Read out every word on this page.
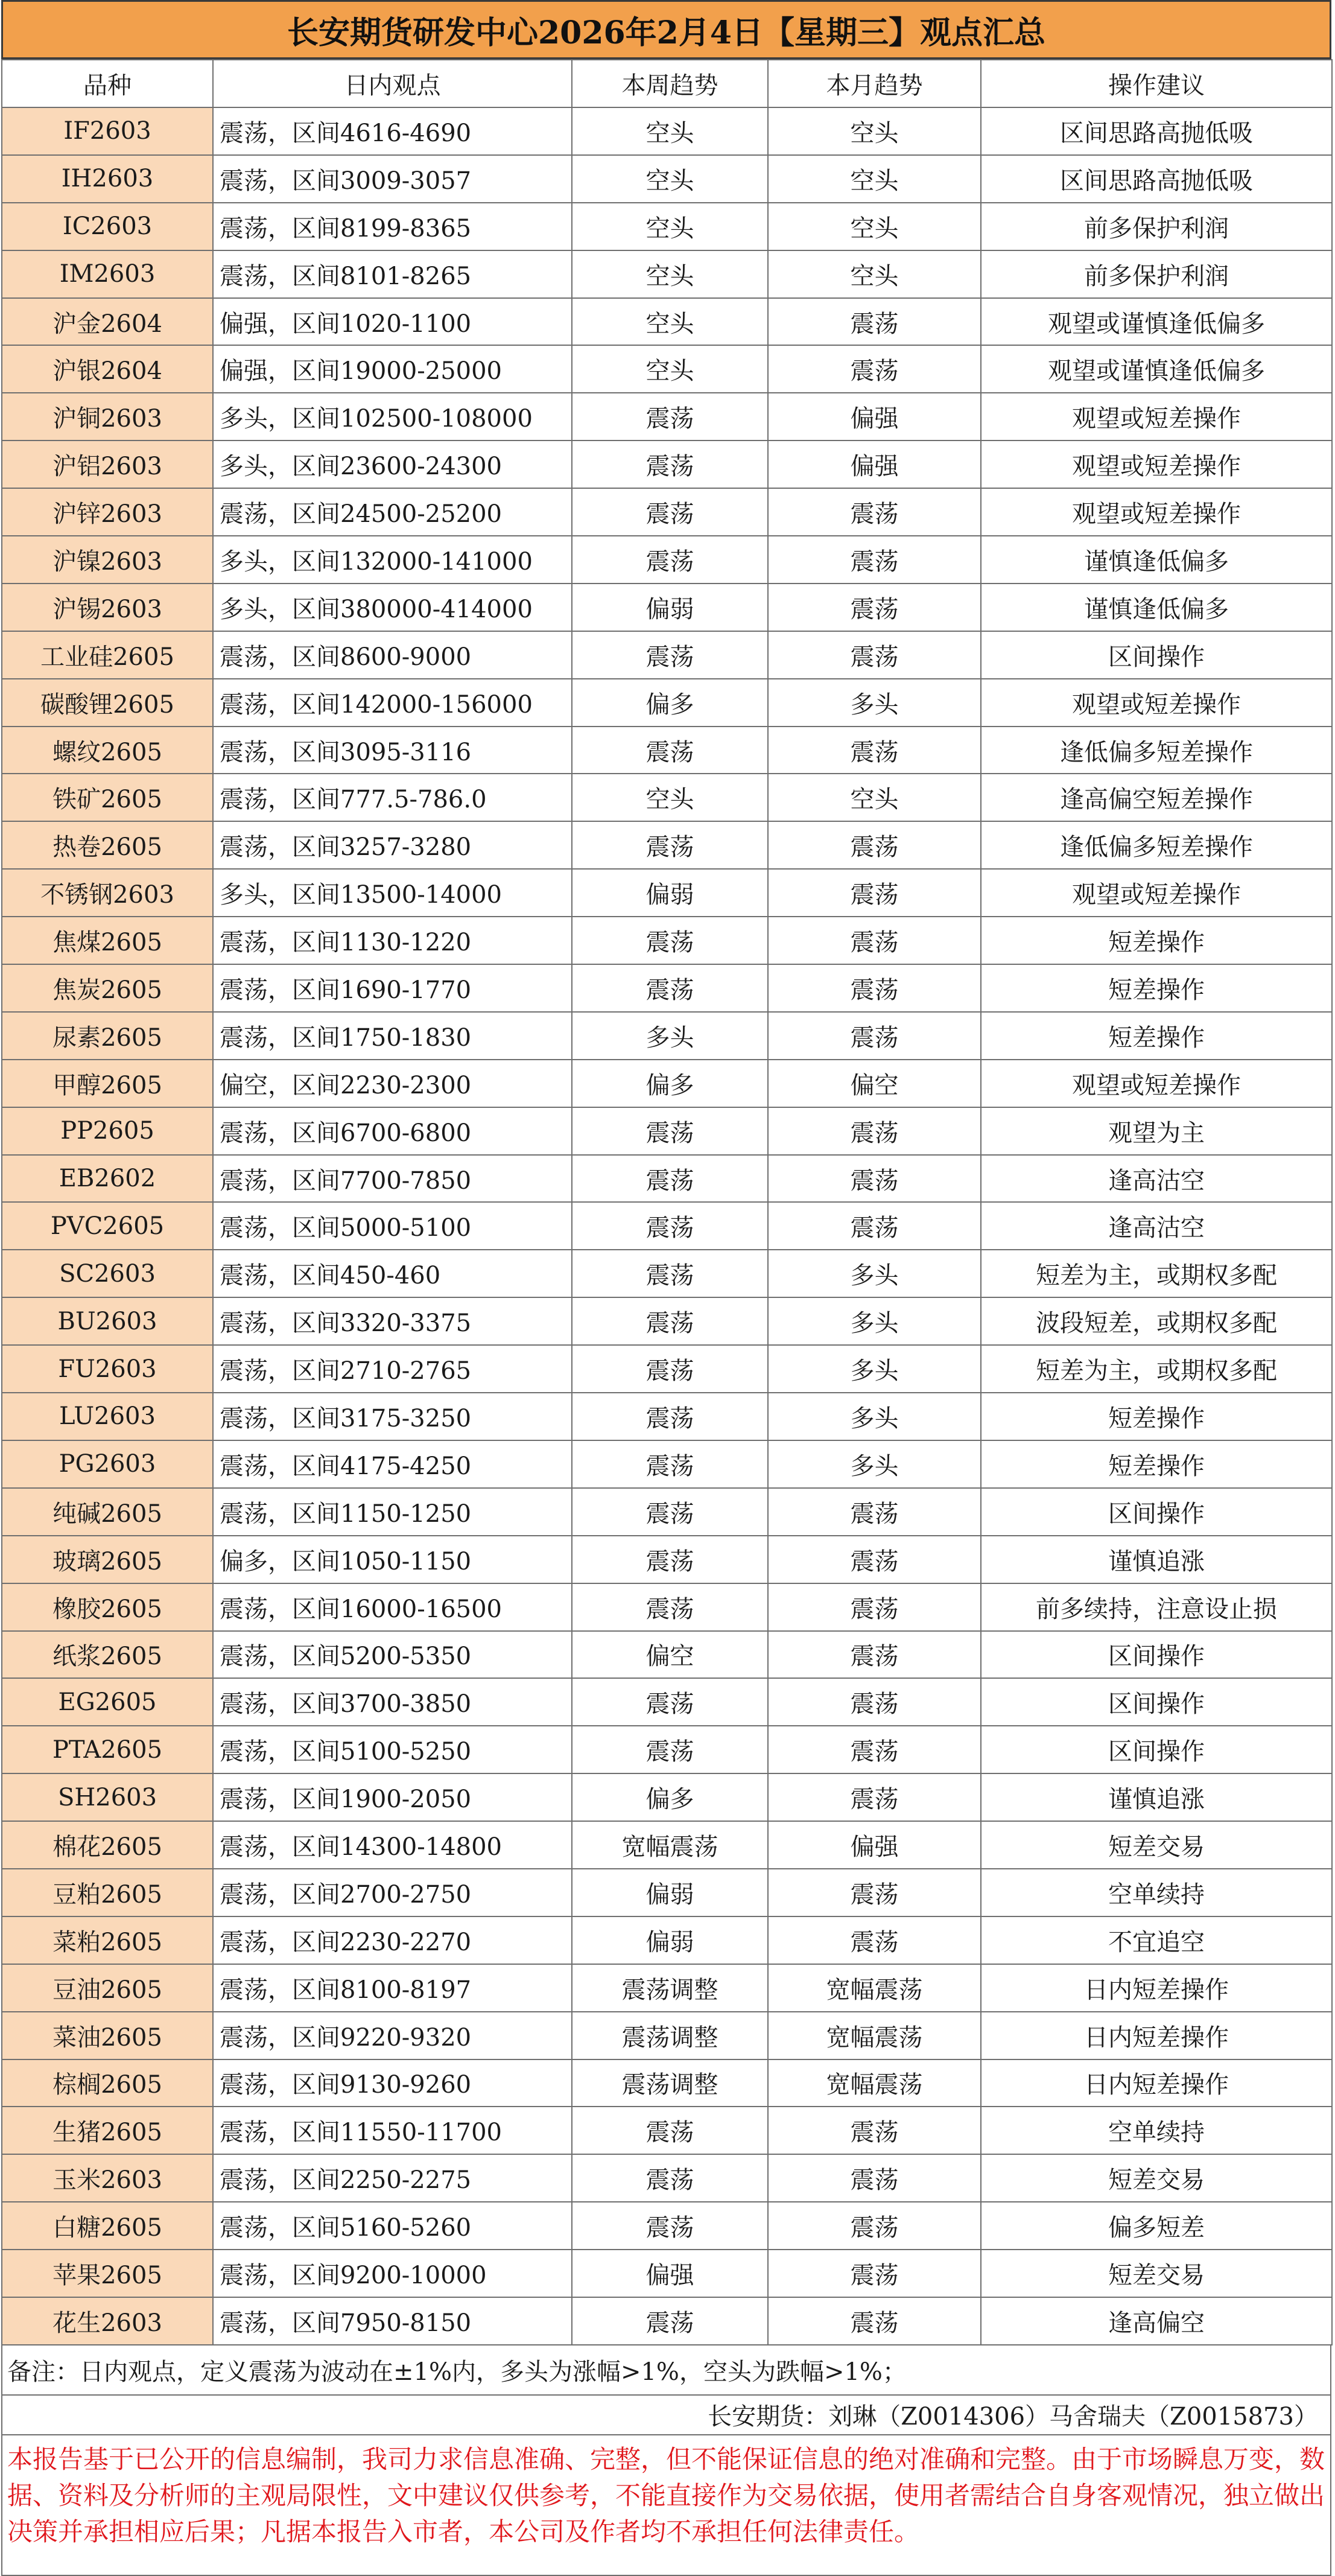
长安期货研发中心2026年2月4日【星期三】观点汇总
品种	日内观点	本周趋势	本月趋势	操作建议
IF2603	震荡，区间4616-4690	空头	空头	区间思路高抛低吸
IH2603	震荡，区间3009-3057	空头	空头	区间思路高抛低吸
IC2603	震荡，区间8199-8365	空头	空头	前多保护利润
IM2603	震荡，区间8101-8265	空头	空头	前多保护利润
沪金2604	偏强，区间1020-1100	空头	震荡	观望或谨慎逢低偏多
沪银2604	偏强，区间19000-25000	空头	震荡	观望或谨慎逢低偏多
沪铜2603	多头，区间102500-108000	震荡	偏强	观望或短差操作
沪铝2603	多头，区间23600-24300	震荡	偏强	观望或短差操作
沪锌2603	震荡，区间24500-25200	震荡	震荡	观望或短差操作
沪镍2603	多头，区间132000-141000	震荡	震荡	谨慎逢低偏多
沪锡2603	多头，区间380000-414000	偏弱	震荡	谨慎逢低偏多
工业硅2605	震荡，区间8600-9000	震荡	震荡	区间操作
碳酸锂2605	震荡，区间142000-156000	偏多	多头	观望或短差操作
螺纹2605	震荡，区间3095-3116	震荡	震荡	逢低偏多短差操作
铁矿2605	震荡，区间777.5-786.0	空头	空头	逢高偏空短差操作
热卷2605	震荡，区间3257-3280	震荡	震荡	逢低偏多短差操作
不锈钢2603	多头，区间13500-14000	偏弱	震荡	观望或短差操作
焦煤2605	震荡，区间1130-1220	震荡	震荡	短差操作
焦炭2605	震荡，区间1690-1770	震荡	震荡	短差操作
尿素2605	震荡，区间1750-1830	多头	震荡	短差操作
甲醇2605	偏空，区间2230-2300	偏多	偏空	观望或短差操作
PP2605	震荡，区间6700-6800	震荡	震荡	观望为主
EB2602	震荡，区间7700-7850	震荡	震荡	逢高沽空
PVC2605	震荡，区间5000-5100	震荡	震荡	逢高沽空
SC2603	震荡，区间450-460	震荡	多头	短差为主，或期权多配
BU2603	震荡，区间3320-3375	震荡	多头	波段短差，或期权多配
FU2603	震荡，区间2710-2765	震荡	多头	短差为主，或期权多配
LU2603	震荡，区间3175-3250	震荡	多头	短差操作
PG2603	震荡，区间4175-4250	震荡	多头	短差操作
纯碱2605	震荡，区间1150-1250	震荡	震荡	区间操作
玻璃2605	偏多，区间1050-1150	震荡	震荡	谨慎追涨
橡胶2605	震荡，区间16000-16500	震荡	震荡	前多续持，注意设止损
纸浆2605	震荡，区间5200-5350	偏空	震荡	区间操作
EG2605	震荡，区间3700-3850	震荡	震荡	区间操作
PTA2605	震荡，区间5100-5250	震荡	震荡	区间操作
SH2603	震荡，区间1900-2050	偏多	震荡	谨慎追涨
棉花2605	震荡，区间14300-14800	宽幅震荡	偏强	短差交易
豆粕2605	震荡，区间2700-2750	偏弱	震荡	空单续持
菜粕2605	震荡，区间2230-2270	偏弱	震荡	不宜追空
豆油2605	震荡，区间8100-8197	震荡调整	宽幅震荡	日内短差操作
菜油2605	震荡，区间9220-9320	震荡调整	宽幅震荡	日内短差操作
棕榈2605	震荡，区间9130-9260	震荡调整	宽幅震荡	日内短差操作
生猪2605	震荡，区间11550-11700	震荡	震荡	空单续持
玉米2603	震荡，区间2250-2275	震荡	震荡	短差交易
白糖2605	震荡，区间5160-5260	震荡	震荡	偏多短差
苹果2605	震荡，区间9200-10000	偏强	震荡	短差交易
花生2603	震荡，区间7950-8150	震荡	震荡	逢高偏空
备注：日内观点，定义震荡为波动在±1%内，多头为涨幅>1%，空头为跌幅>1%；
长安期货：刘琳（Z0014306）马舍瑞夫（Z0015873）
本报告基于已公开的信息编制，我司力求信息准确、完整，但不能保证信息的绝对准确和完整。由于市场瞬息万变，数据、资料及分析师的主观局限性，文中建议仅供参考，不能直接作为交易依据，使用者需结合自身客观情况，独立做出决策并承担相应后果；凡据本报告入市者，本公司及作者均不承担任何法律责任。
